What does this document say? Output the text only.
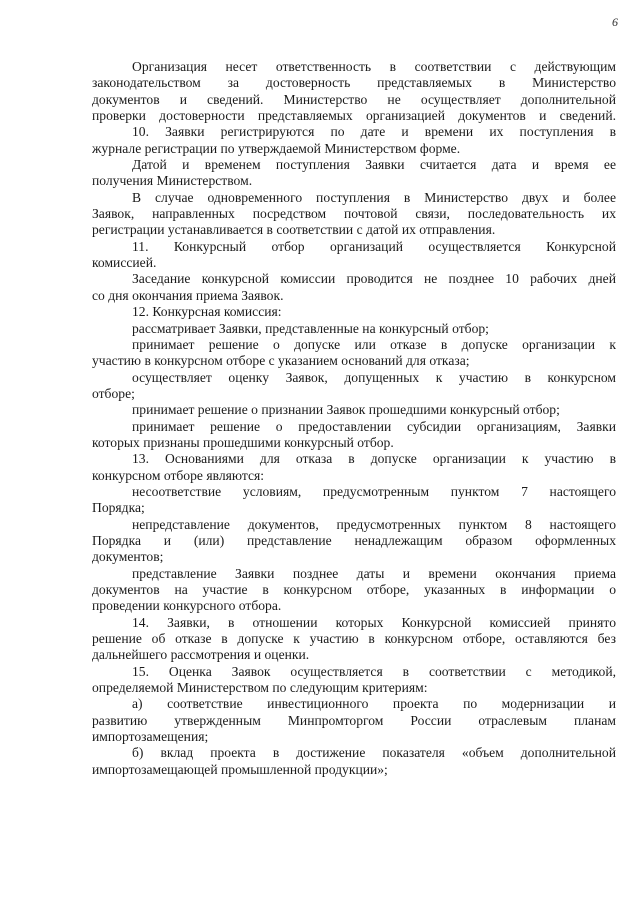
6
Организация несет ответственность в соответствии с действующим
законодательством за достоверность представляемых в Министерство
документов и сведений. Министерство не осуществляет дополнительной
проверки достоверности представляемых организацией документов и сведений.
10. Заявки регистрируются по дате и времени их поступления в
журнале регистрации по утверждаемой Министерством форме.
Датой и временем поступления Заявки считается дата и время ее
получения Министерством.
В случае одновременного поступления в Министерство двух и более
Заявок, направленных посредством почтовой связи, последовательность их
регистрации устанавливается в соответствии с датой их отправления.
11. Конкурсный отбор организаций осуществляется Конкурсной
комиссией.
Заседание конкурсной комиссии проводится не позднее 10 рабочих дней
со дня окончания приема Заявок.
12. Конкурсная комиссия:
рассматривает Заявки, представленные на конкурсный отбор;
принимает решение о допуске или отказе в допуске организации к
участию в конкурсном отборе с указанием оснований для отказа;
осуществляет оценку Заявок, допущенных к участию в конкурсном
отборе;
принимает решение о признании Заявок прошедшими конкурсный отбор;
принимает решение о предоставлении субсидии организациям, Заявки
которых признаны прошедшими конкурсный отбор.
13. Основаниями для отказа в допуске организации к участию в
конкурсном отборе являются:
несоответствие условиям, предусмотренным пунктом 7 настоящего
Порядка;
непредставление документов, предусмотренных пунктом 8 настоящего
Порядка и (или) представление ненадлежащим образом оформленных
документов;
представление Заявки позднее даты и времени окончания приема
документов на участие в конкурсном отборе, указанных в информации о
проведении конкурсного отбора.
14. Заявки, в отношении которых Конкурсной комиссией принято
решение об отказе в допуске к участию в конкурсном отборе, оставляются без
дальнейшего рассмотрения и оценки.
15. Оценка Заявок осуществляется в соответствии с методикой,
определяемой Министерством по следующим критериям:
а) соответствие инвестиционного проекта по модернизации и
развитию утвержденным Минпромторгом России отраслевым планам
импортозамещения;
б) вклад проекта в достижение показателя «объем дополнительной
импортозамещающей промышленной продукции»;
